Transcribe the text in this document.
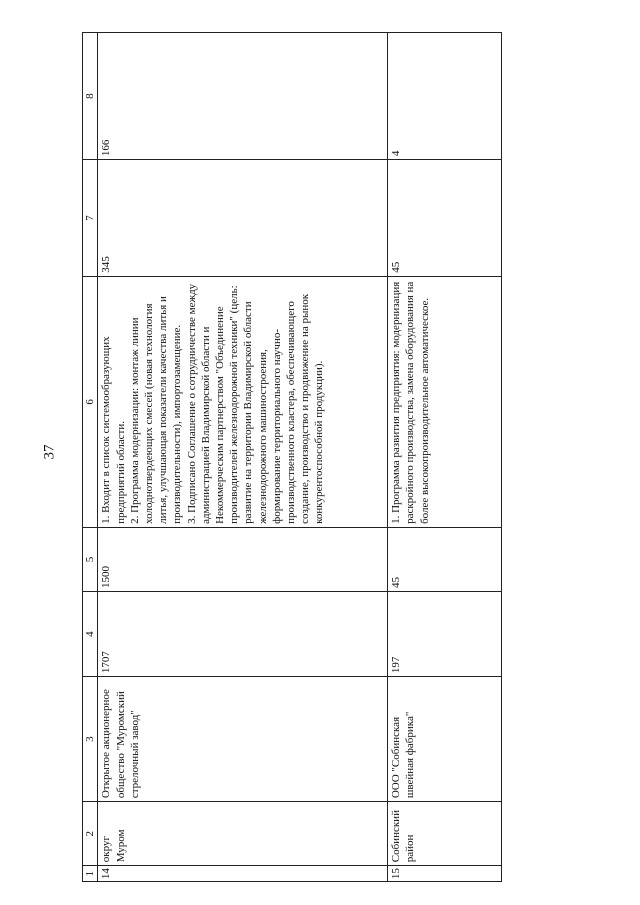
37
1	2	3	4	5	6	7	8
14	округ Муром	Открытое акционерное общество "Муромский стрелочный завод"	1707	1500	1. Входит в список системообразующих предприятий области. 2. Программа модернизации: монтаж линии холоднотвердеющих смесей (новая технология литья, улучшающая показатели качества литья и производительности), импортозамещение. 3. Подписано Соглашение о сотрудничестве между администрацией Владимирской области и Некоммерческим партнерством "Объединение производителей железнодорожной техники" (цель: развитие на территории Владимирской области железнодорожного машиностроения, формирование территориального научно-производственного кластера, обеспечивающего создание, производство и продвижение на рынок конкурентоспособной продукции).	345	166
15	Собинский район	ООО "Собинская швейная фабрика"	197	45	1. Программа развития предприятия: модернизация раскройного производства, замена оборудования на более высокопроизводительное автоматическое.	45	4
